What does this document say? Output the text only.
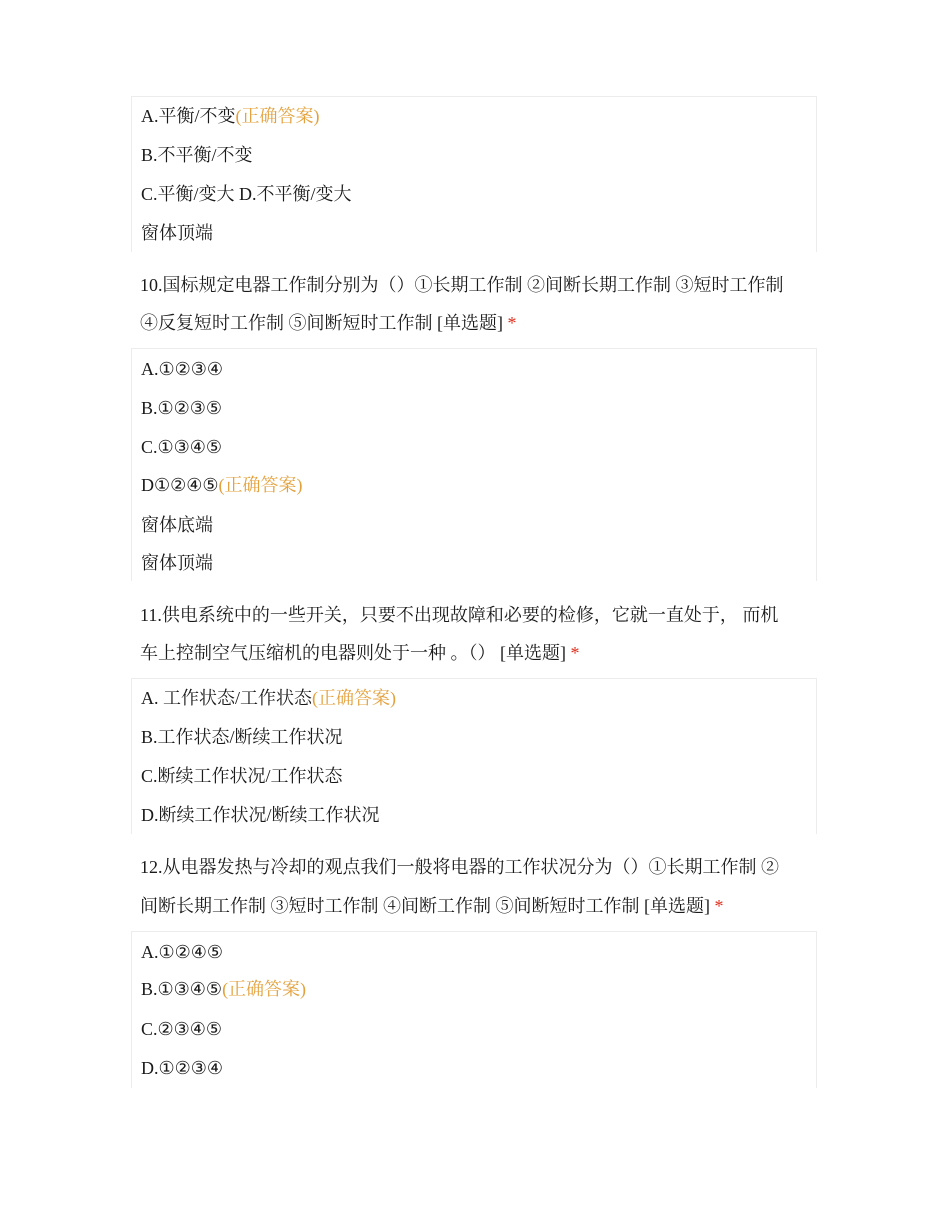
A.平衡/不变(正确答案)
B.不平衡/不变
C.平衡/变大 D.不平衡/变大
窗体顶端
10.国标规定电器工作制分别为（）①长期工作制 ②间断长期工作制 ③短时工作制
④反复短时工作制 ⑤间断短时工作制 [单选题] *
A.①②③④
B.①②③⑤
C.①③④⑤
D①②④⑤(正确答案)
窗体底端
窗体顶端
11.供电系统中的一些开关，只要不出现故障和必要的检修，它就一直处于， 而机
车上控制空气压缩机的电器则处于一种 。（） [单选题] *
A. 工作状态/工作状态(正确答案)
B.工作状态/断续工作状况
C.断续工作状况/工作状态
D.断续工作状况/断续工作状况
12.从电器发热与冷却的观点我们一般将电器的工作状况分为（）①长期工作制 ②
间断长期工作制 ③短时工作制 ④间断工作制 ⑤间断短时工作制 [单选题] *
A.①②④⑤
B.①③④⑤(正确答案)
C.②③④⑤
D.①②③④
